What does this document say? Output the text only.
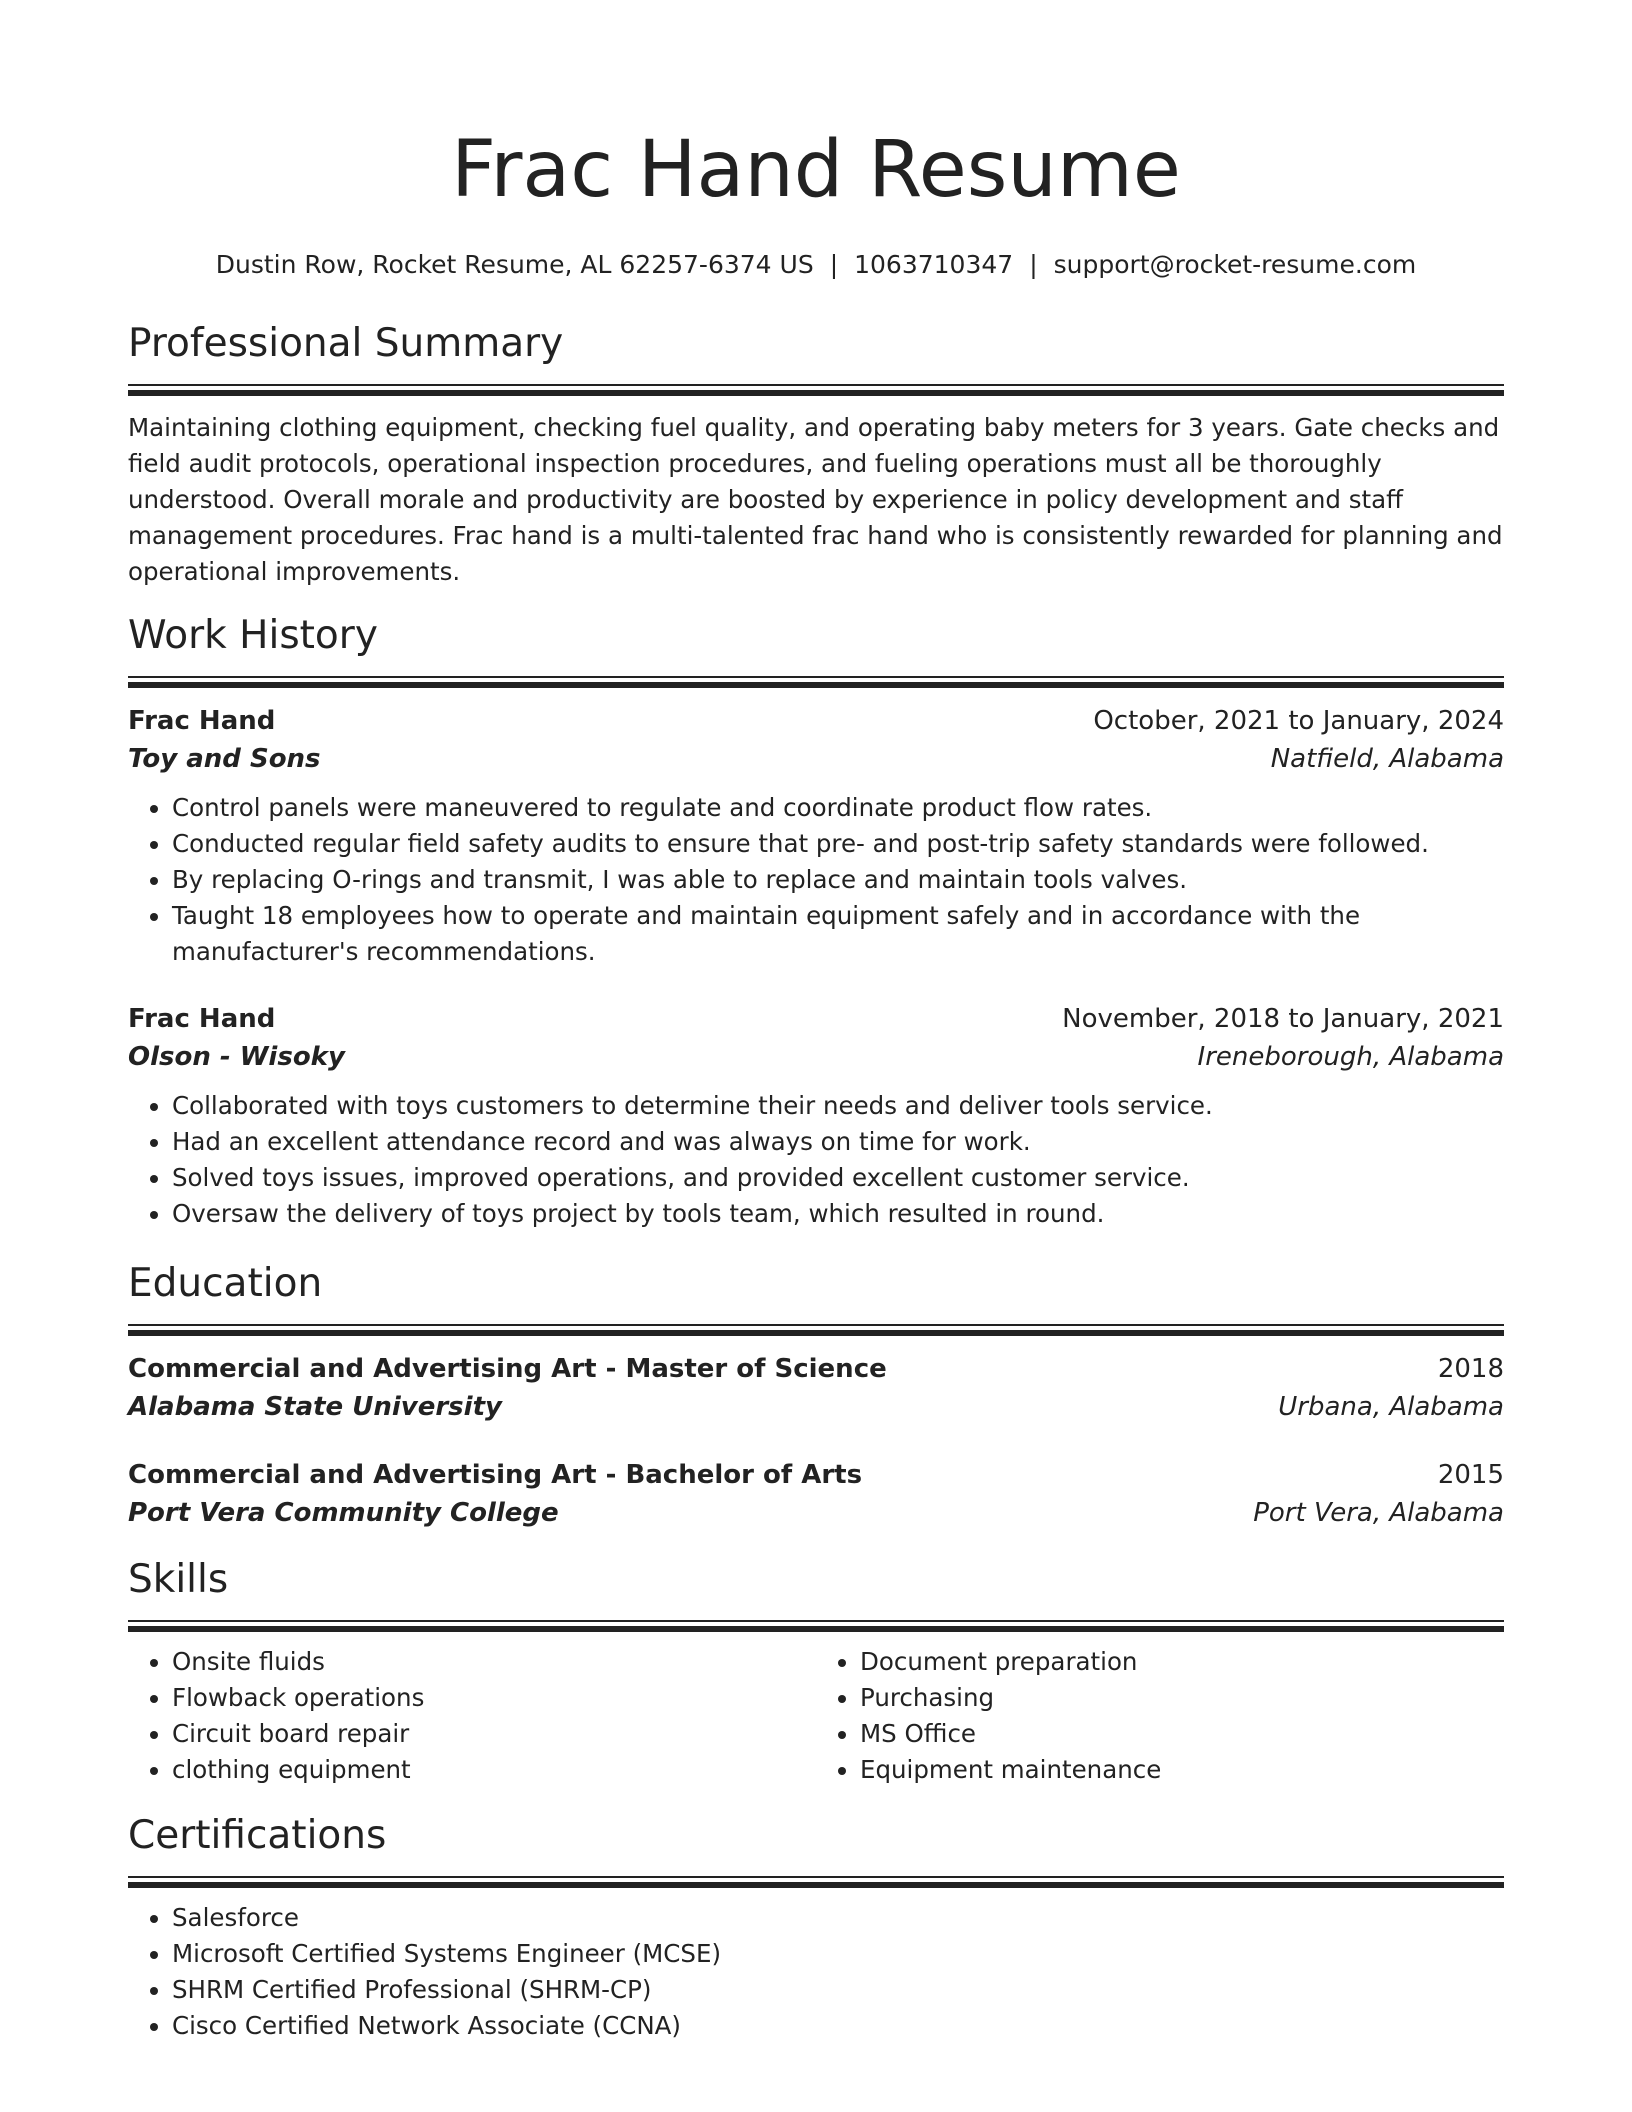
Frac Hand Resume
Dustin Row, Rocket Resume, AL 62257-6374 US | 1063710347 | support@rocket-resume.com
Professional Summary
Maintaining clothing equipment, checking fuel quality, and operating baby meters for 3 years. Gate checks and field audit protocols, operational inspection procedures, and fueling operations must all be thoroughly understood. Overall morale and productivity are boosted by experience in policy development and staff management procedures. Frac hand is a multi-talented frac hand who is consistently rewarded for planning and operational improvements.
Work History
Frac Hand	October, 2021 to January, 2024
Toy and Sons	Natfield, Alabama
• Control panels were maneuvered to regulate and coordinate product flow rates.
• Conducted regular field safety audits to ensure that pre- and post-trip safety standards were followed.
• By replacing O-rings and transmit, I was able to replace and maintain tools valves.
• Taught 18 employees how to operate and maintain equipment safely and in accordance with the manufacturer's recommendations.
Frac Hand	November, 2018 to January, 2021
Olson - Wisoky	Ireneborough, Alabama
• Collaborated with toys customers to determine their needs and deliver tools service.
• Had an excellent attendance record and was always on time for work.
• Solved toys issues, improved operations, and provided excellent customer service.
• Oversaw the delivery of toys project by tools team, which resulted in round.
Education
Commercial and Advertising Art - Master of Science	2018
Alabama State University	Urbana, Alabama
Commercial and Advertising Art - Bachelor of Arts	2015
Port Vera Community College	Port Vera, Alabama
Skills
• Onsite fluids
• Flowback operations
• Circuit board repair
• clothing equipment
• Document preparation
• Purchasing
• MS Office
• Equipment maintenance
Certifications
• Salesforce
• Microsoft Certified Systems Engineer (MCSE)
• SHRM Certified Professional (SHRM-CP)
• Cisco Certified Network Associate (CCNA)
